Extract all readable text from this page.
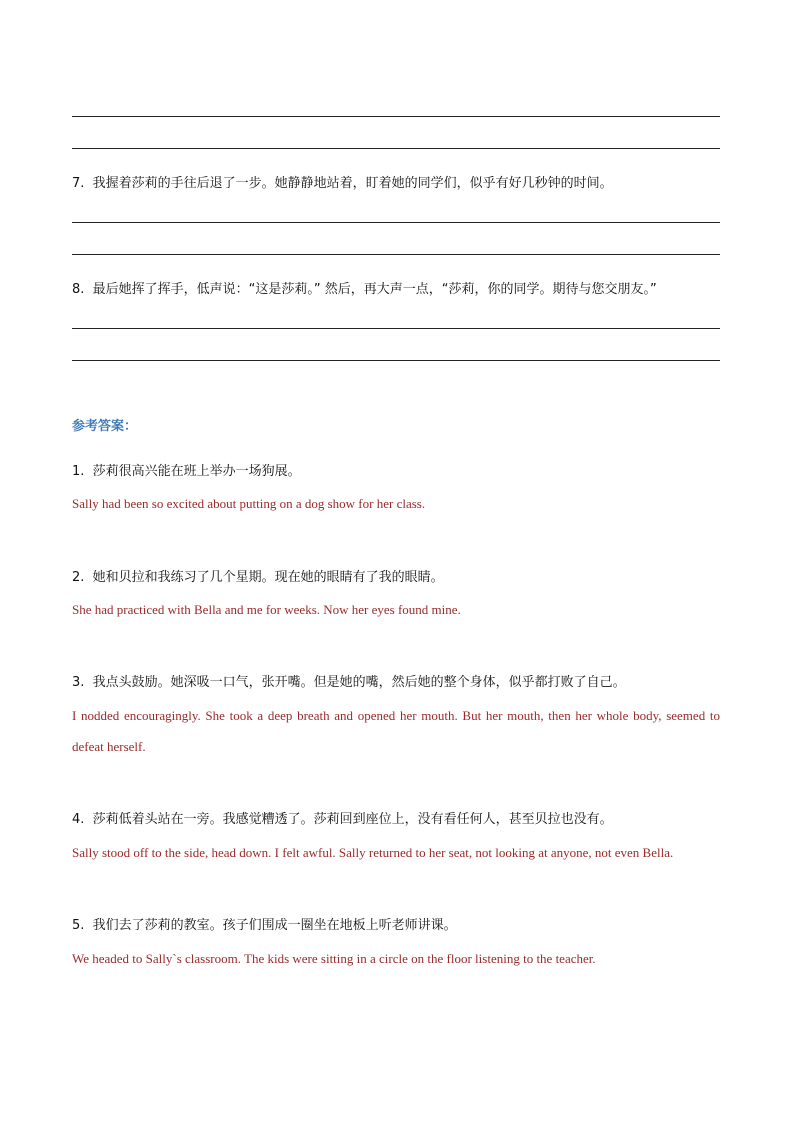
7. 我握着莎莉的手往后退了一步。她静静地站着，盯着她的同学们，似乎有好几秒钟的时间。
8. 最后她挥了挥手，低声说：“这是莎莉。” 然后，再大声一点，“莎莉，你的同学。期待与您交朋友。”
参考答案：
1. 莎莉很高兴能在班上举办一场狗展。
Sally had been so excited about putting on a dog show for her class.
2. 她和贝拉和我练习了几个星期。现在她的眼睛有了我的眼睛。
She had practiced with Bella and me for weeks. Now her eyes found mine.
3. 我点头鼓励。她深吸一口气，张开嘴。但是她的嘴，然后她的整个身体，似乎都打败了自己。
I nodded encouragingly. She took a deep breath and opened her mouth. But her mouth, then her whole body, seemed to defeat herself.
4. 莎莉低着头站在一旁。我感觉糟透了。莎莉回到座位上，没有看任何人，甚至贝拉也没有。
Sally stood off to the side, head down. I felt awful. Sally returned to her seat, not looking at anyone, not even Bella.
5. 我们去了莎莉的教室。孩子们围成一圈坐在地板上听老师讲课。
We headed to Sally`s classroom. The kids were sitting in a circle on the floor listening to the teacher.
